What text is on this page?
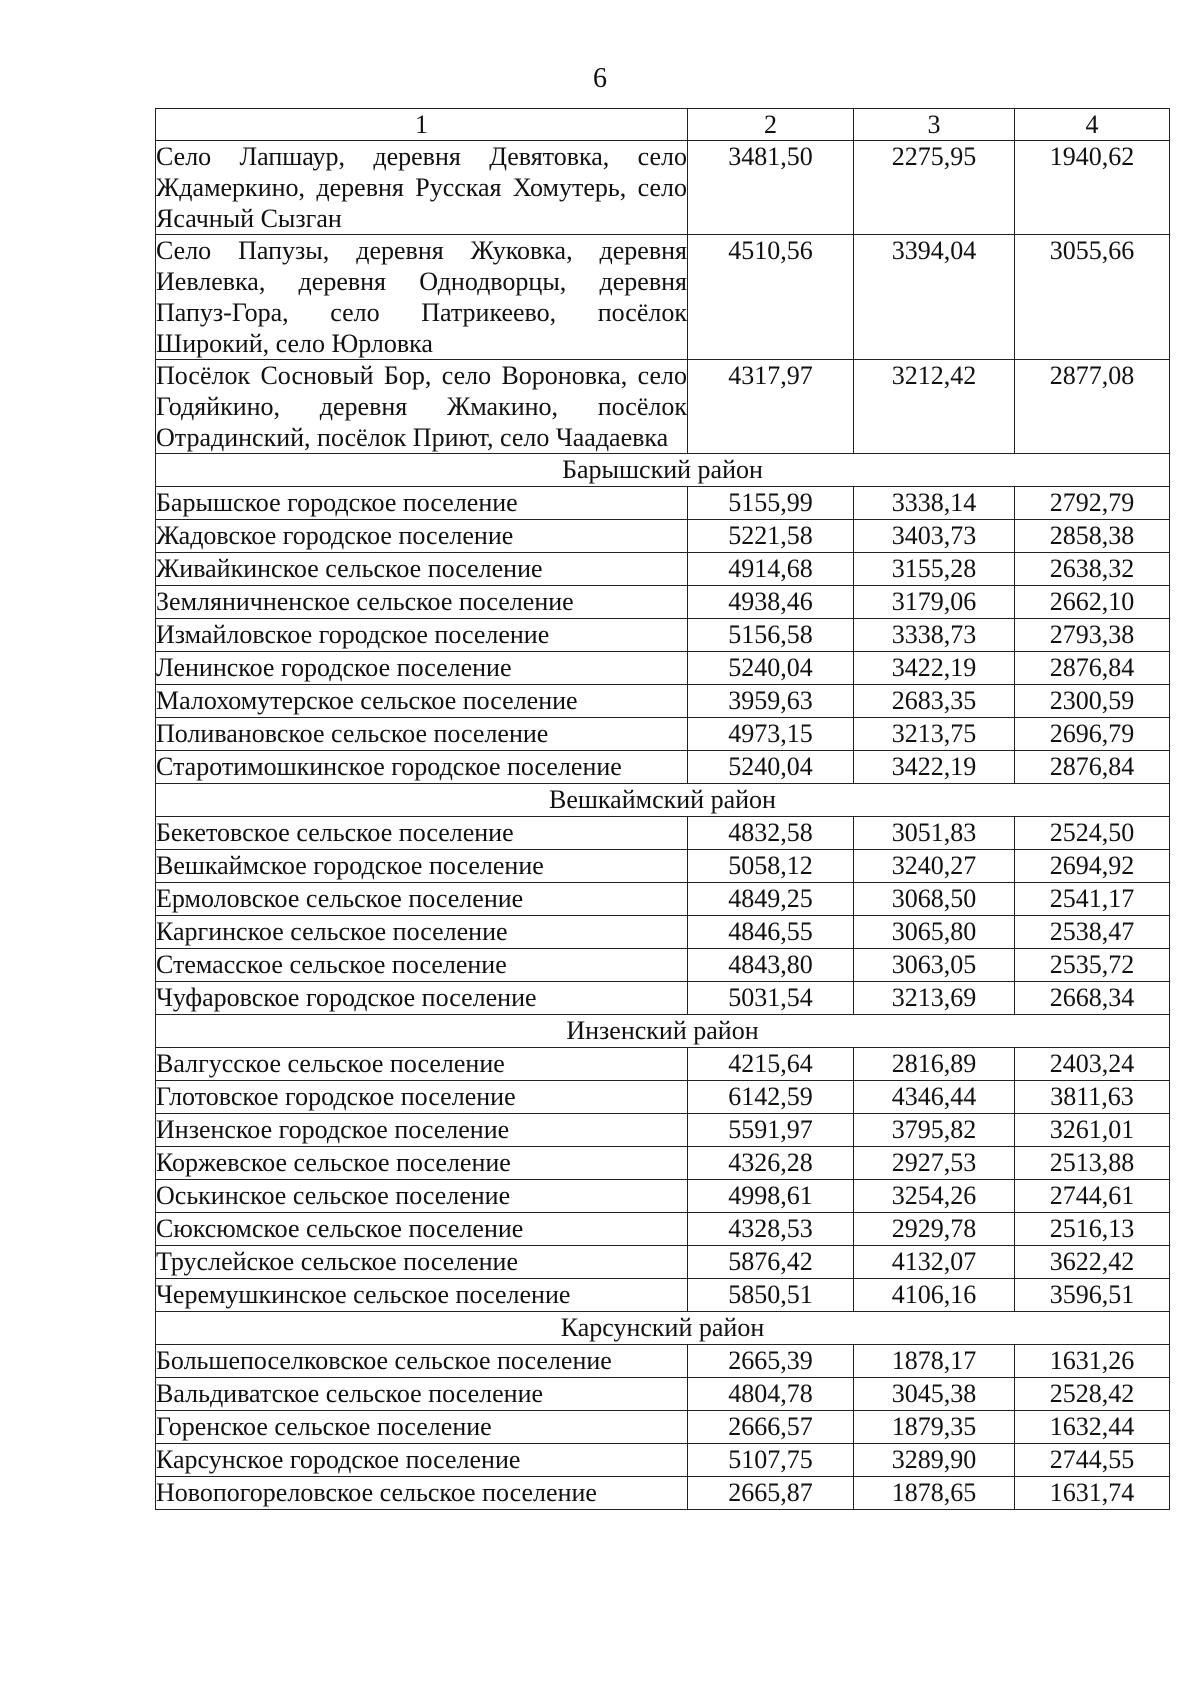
6
1	2	3	4
Село Лапшаур, деревня Девятовка, село Ждамеркино, деревня Русская Хомутерь, село Ясачный Сызган	3481,50	2275,95	1940,62
Село Папузы, деревня Жуковка, деревня Иевлевка, деревня Однодворцы, деревня Папуз-Гора, село Патрикеево, посёлок Широкий, село Юрловка	4510,56	3394,04	3055,66
Посёлок Сосновый Бор, село Вороновка, село Годяйкино, деревня Жмакино, посёлок Отрадинский, посёлок Приют, село Чаадаевка	4317,97	3212,42	2877,08
Барышский район			
Барышское городское поселение	5155,99	3338,14	2792,79
Жадовское городское поселение	5221,58	3403,73	2858,38
Живайкинское сельское поселение	4914,68	3155,28	2638,32
Земляничненское сельское поселение	4938,46	3179,06	2662,10
Измайловское городское поселение	5156,58	3338,73	2793,38
Ленинское городское поселение	5240,04	3422,19	2876,84
Малохомутерское сельское поселение	3959,63	2683,35	2300,59
Поливановское сельское поселение	4973,15	3213,75	2696,79
Старотимошкинское городское поселение	5240,04	3422,19	2876,84
Вешкаймский район			
Бекетовское сельское поселение	4832,58	3051,83	2524,50
Вешкаймское городское поселение	5058,12	3240,27	2694,92
Ермоловское сельское поселение	4849,25	3068,50	2541,17
Каргинское сельское поселение	4846,55	3065,80	2538,47
Стемасское сельское поселение	4843,80	3063,05	2535,72
Чуфаровское городское поселение	5031,54	3213,69	2668,34
Инзенский район			
Валгусское сельское поселение	4215,64	2816,89	2403,24
Глотовское городское поселение	6142,59	4346,44	3811,63
Инзенское городское поселение	5591,97	3795,82	3261,01
Коржевское сельское поселение	4326,28	2927,53	2513,88
Оськинское сельское поселение	4998,61	3254,26	2744,61
Сюксюмское сельское поселение	4328,53	2929,78	2516,13
Труслейское сельское поселение	5876,42	4132,07	3622,42
Черемушкинское сельское поселение	5850,51	4106,16	3596,51
Карсунский район			
Большепоселковское сельское поселение	2665,39	1878,17	1631,26
Вальдиватское сельское поселение	4804,78	3045,38	2528,42
Горенское сельское поселение	2666,57	1879,35	1632,44
Карсунское городское поселение	5107,75	3289,90	2744,55
Новопогореловское сельское поселение	2665,87	1878,65	1631,74
